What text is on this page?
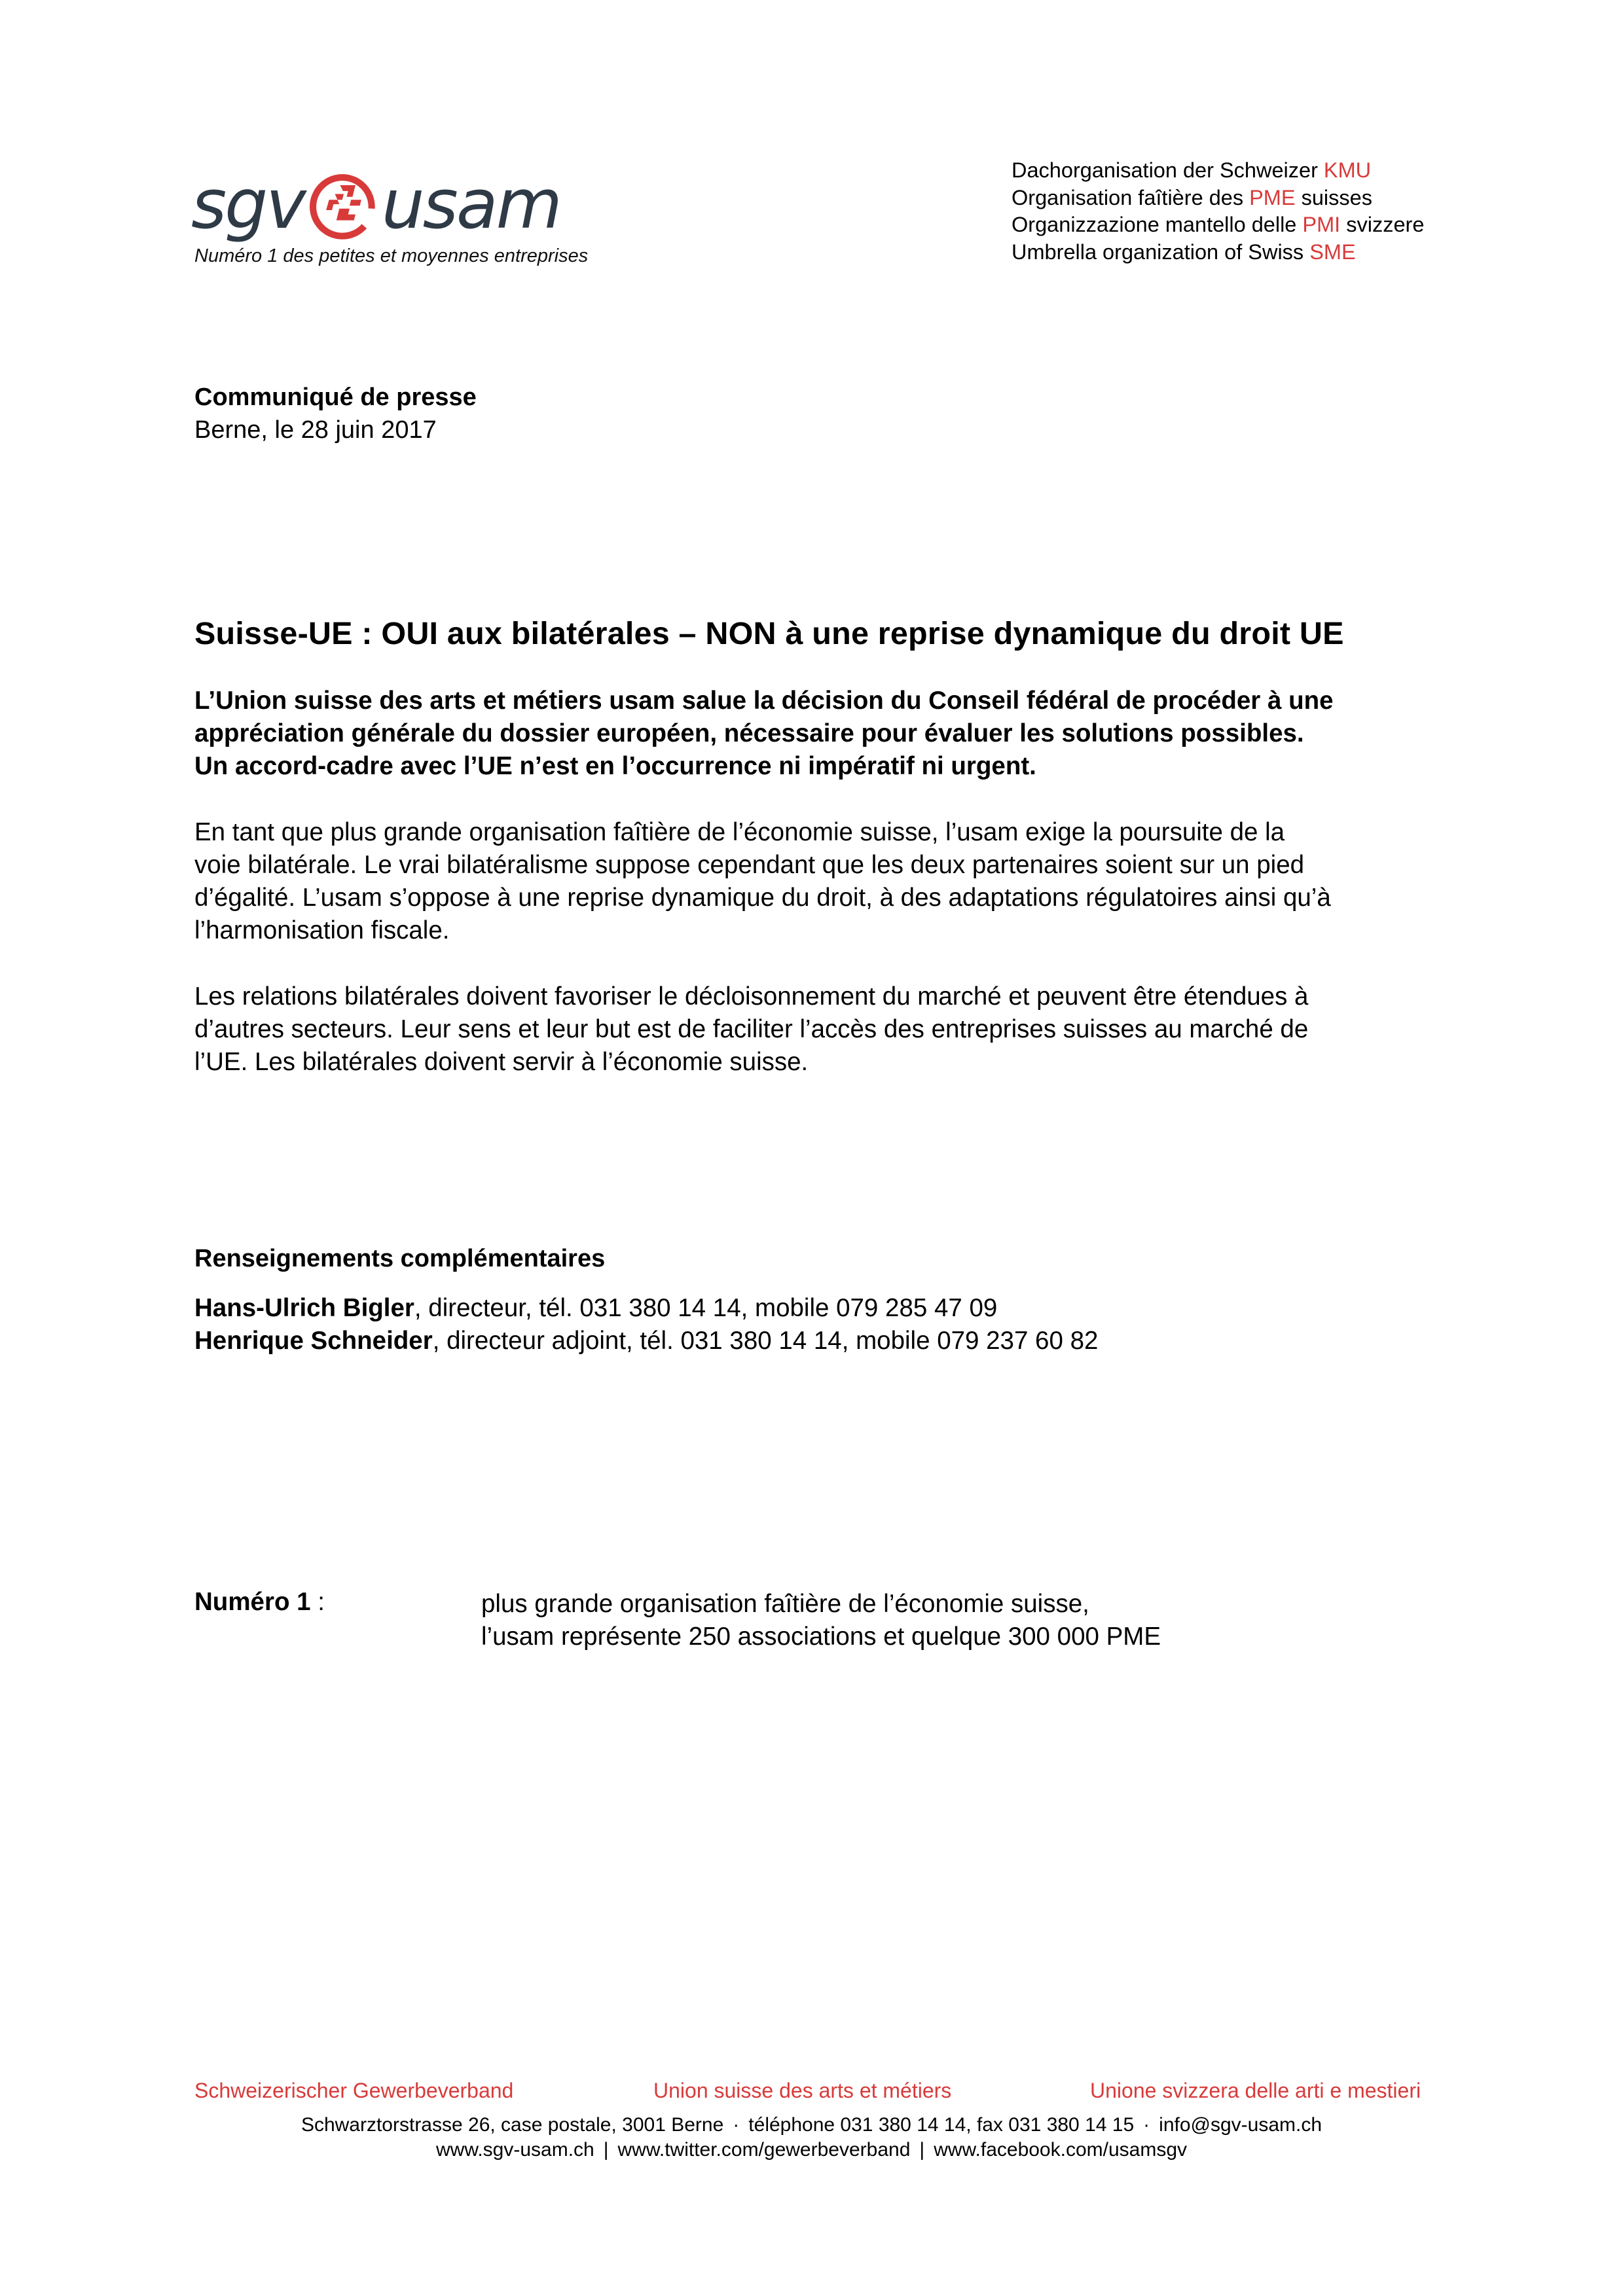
sgv usam
Numéro 1 des petites et moyennes entreprises
Dachorganisation der Schweizer KMU
Organisation faîtière des PME suisses
Organizzazione mantello delle PMI svizzere
Umbrella organization of Swiss SME
Communiqué de presse
Berne, le 28 juin 2017
Suisse-UE : OUI aux bilatérales – NON à une reprise dynamique du droit UE
L’Union suisse des arts et métiers usam salue la décision du Conseil fédéral de procéder à une
appréciation générale du dossier européen, nécessaire pour évaluer les solutions possibles.
Un accord-cadre avec l’UE n’est en l’occurrence ni impératif ni urgent.
En tant que plus grande organisation faîtière de l’économie suisse, l’usam exige la poursuite de la
voie bilatérale. Le vrai bilatéralisme suppose cependant que les deux partenaires soient sur un pied
d’égalité. L’usam s’oppose à une reprise dynamique du droit, à des adaptations régulatoires ainsi qu’à
l’harmonisation fiscale.
Les relations bilatérales doivent favoriser le décloisonnement du marché et peuvent être étendues à
d’autres secteurs. Leur sens et leur but est de faciliter l’accès des entreprises suisses au marché de
l’UE. Les bilatérales doivent servir à l’économie suisse.
Renseignements complémentaires
Hans-Ulrich Bigler, directeur, tél. 031 380 14 14, mobile 079 285 47 09
Henrique Schneider, directeur adjoint, tél. 031 380 14 14, mobile 079 237 60 82
Numéro 1 :	plus grande organisation faîtière de l’économie suisse,
l’usam représente 250 associations et quelque 300 000 PME
Schweizerischer Gewerbeverband	Union suisse des arts et métiers	Unione svizzera delle arti e mestieri
Schwarztorstrasse 26, case postale, 3001 Berne · téléphone 031 380 14 14, fax 031 380 14 15 · info@sgv-usam.ch
www.sgv-usam.ch | www.twitter.com/gewerbeverband | www.facebook.com/usamsgv
